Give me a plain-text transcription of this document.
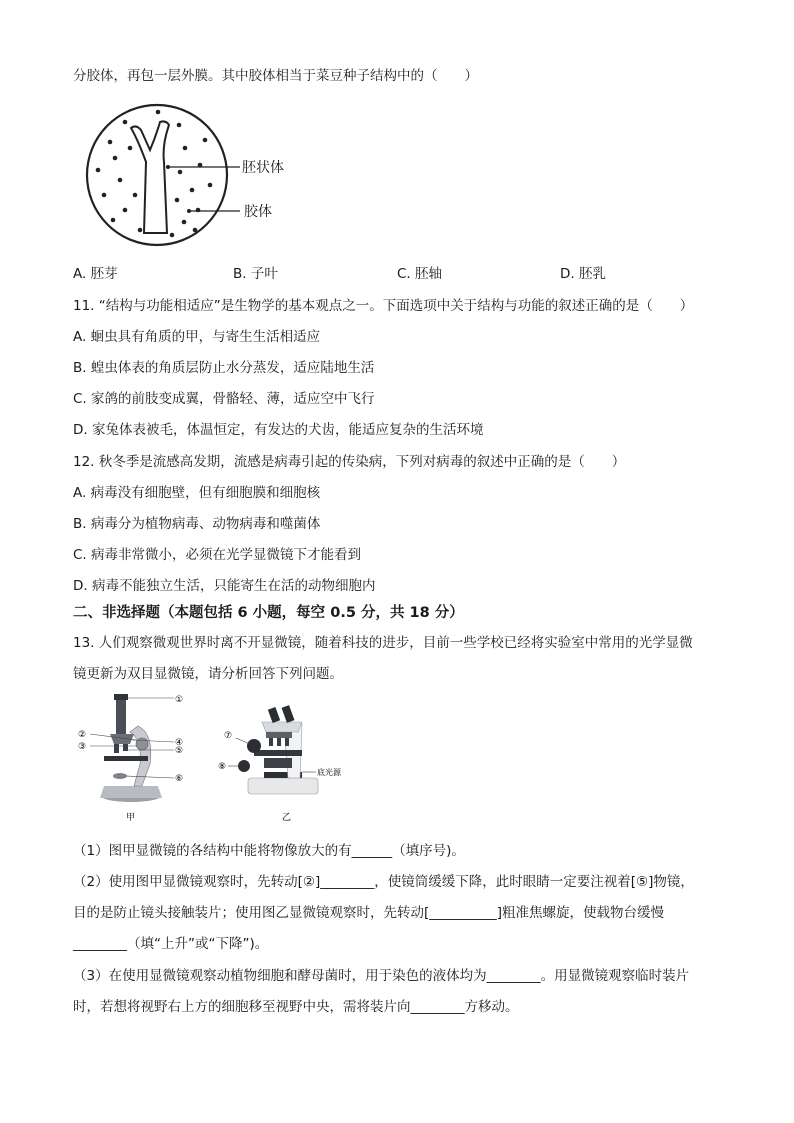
分胶体，再包一层外膜。其中胶体相当于菜豆种子结构中的（　　）
胚状体
胶体
A. 胚芽	B. 子叶	C. 胚轴	D. 胚乳
11. “结构与功能相适应”是生物学的基本观点之一。下面选项中关于结构与功能的叙述正确的是（　　）
A. 蛔虫具有角质的甲，与寄生生活相适应
B. 蝗虫体表的角质层防止水分蒸发，适应陆地生活
C. 家鸽的前肢变成翼，骨骼轻、薄，适应空中飞行
D. 家兔体表被毛，体温恒定，有发达的犬齿，能适应复杂的生活环境
12. 秋冬季是流感高发期，流感是病毒引起的传染病，下列对病毒的叙述中正确的是（　　）
A. 病毒没有细胞壁，但有细胞膜和细胞核
B. 病毒分为植物病毒、动物病毒和噬菌体
C. 病毒非常微小，必须在光学显微镜下才能看到
D. 病毒不能独立生活，只能寄生在活的动物细胞内
二、非选择题（本题包括 6 小题，每空 0.5 分，共 18 分）
13. 人们观察微观世界时离不开显微镜，随着科技的进步，目前一些学校已经将实验室中常用的光学显微
镜更新为双目显微镜，请分析回答下列问题。
①
②
③	④
⑤
⑥
甲
⑦
⑧
底光源
乙
（1）图甲显微镜的各结构中能将物像放大的有______（填序号)。
（2）使用图甲显微镜观察时，先转动[②]________，使镜筒缓缓下降，此时眼睛一定要注视着[⑤]物镜，
目的是防止镜头接触装片；使用图乙显微镜观察时，先转动[__________]粗准焦螺旋，使载物台缓慢
________（填“上升”或“下降”)。
（3）在使用显微镜观察动植物细胞和酵母菌时，用于染色的液体均为________。用显微镜观察临时装片
时，若想将视野右上方的细胞移至视野中央，需将装片向________方移动。
